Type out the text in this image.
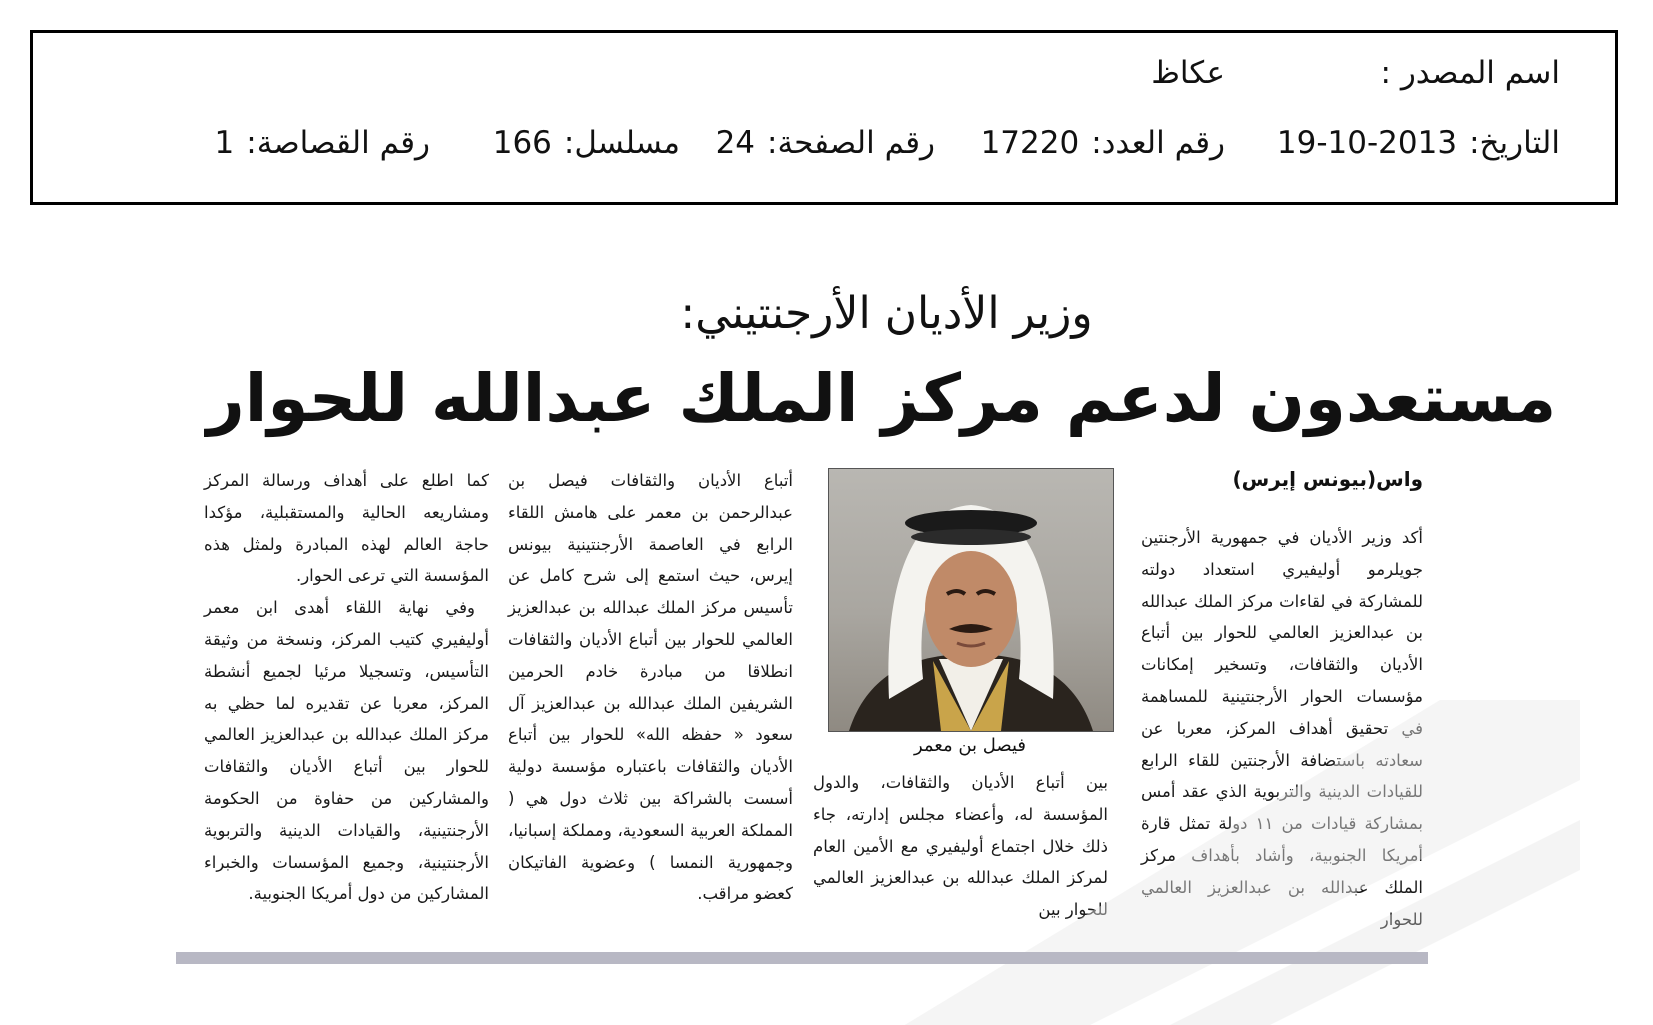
اسم المصدر :
عكاظ
التاريخ:2013-10-19
رقم العدد:17220
رقم الصفحة:24
مسلسل:166
رقم القصاصة:1
وزير الأديان الأرجنتيني:
مستعدون لدعم مركز الملك عبدالله للحوار
واس(بيونس إيرس)

أكد وزير الأديان في جمهورية الأرجنتين جويلرمو أوليفيري استعداد دولته للمشاركة في لقاءات مركز الملك عبدالله بن عبدالعزيز العالمي للحوار بين أتباع الأديان والثقافات، وتسخير إمكانات مؤسسات الحوار الأرجنتينية للمساهمة في تحقيق أهداف المركز، معربا عن سعادته باستضافة الأرجنتين للقاء الرابع للقيادات الدينية والتربوية الذي عقد أمس بمشاركة قيادات من ١١ دولة تمثل قارة أمريكا الجنوبية، وأشاد بأهداف مركز الملك عبدالله بن عبدالعزيز العالمي للحوار

فيصل بن معمر

بين أتباع الأديان والثقافات، والدول المؤسسة له، وأعضاء مجلس إدارته، جاء ذلك خلال اجتماع أوليفيري مع الأمين العام لمركز الملك عبدالله بن عبدالعزيز العالمي للحوار بين

أتباع الأديان والثقافات فيصل بن عبدالرحمن بن معمر على هامش اللقاء الرابع في العاصمة الأرجنتينية بيونس إيرس، حيث استمع إلى شرح كامل عن تأسيس مركز الملك عبدالله بن عبدالعزيز العالمي للحوار بين أتباع الأديان والثقافات انطلاقا من مبادرة خادم الحرمين الشريفين الملك عبدالله بن عبدالعزيز آل سعود « حفظه الله» للحوار بين أتباع الأديان والثقافات باعتباره مؤسسة دولية أسست بالشراكة بين ثلاث دول هي ( المملكة العربية السعودية، ومملكة إسبانيا، وجمهورية النمسا ) وعضوية الفاتيكان كعضو مراقب.

كما اطلع على أهداف ورسالة المركز ومشاريعه الحالية والمستقبلية، مؤكدا حاجة العالم لهذه المبادرة ولمثل هذه المؤسسة التي ترعى الحوار.

وفي نهاية اللقاء أهدى ابن معمر أوليفيري كتيب المركز، ونسخة من وثيقة التأسيس، وتسجيلا مرئيا لجميع أنشطة المركز، معربا عن تقديره لما حظي به مركز الملك عبدالله بن عبدالعزيز العالمي للحوار بين أتباع الأديان والثقافات والمشاركين من حفاوة من الحكومة الأرجنتينية، والقيادات الدينية والتربوية الأرجنتينية، وجميع المؤسسات والخبراء المشاركين من دول أمريكا الجنوبية.
